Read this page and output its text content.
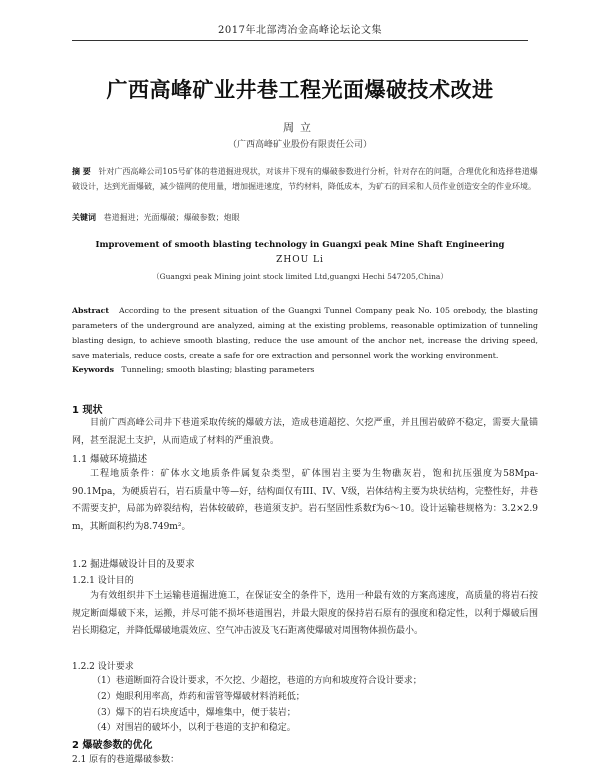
2017年北部湾冶金高峰论坛论文集
广西高峰矿业井巷工程光面爆破技术改进
周立
（广西高峰矿业股份有限责任公司）
摘 要 针对广西高峰公司105号矿体的巷道掘进现状，对该井下现有的爆破参数进行分析，针对存在的问题，合理优化和选择巷道爆破设计，达到光面爆破，减少锚网的使用量，增加掘进速度，节约材料，降低成本，为矿石的回采和人员作业创造安全的作业环境。
关键词 巷道掘进；光面爆破；爆破参数；炮眼
Improvement of smooth blasting technology in Guangxi peak Mine Shaft Engineering
ZHOU Li
（Guangxi peak Mining joint stock limited Ltd,guangxi Hechi 547205,China）
Abstract According to the present situation of the Guangxi Tunnel Company peak No. 105 orebody, the blasting parameters of the underground are analyzed, aiming at the existing problems, reasonable optimization of tunneling blasting design, to achieve smooth blasting, reduce the use amount of the anchor net, increase the driving speed, save materials, reduce costs, create a safe for ore extraction and personnel work the working environment.
Keywords Tunneling; smooth blasting; blasting parameters
1 现状
目前广西高峰公司井下巷道采取传统的爆破方法，造成巷道超挖、欠挖严重，并且围岩破碎不稳定，需要大量锚网，甚至混泥土支护，从而造成了材料的严重浪费。
1.1 爆破环境描述
工程地质条件：矿体水文地质条件属复杂类型，矿体围岩主要为生物礁灰岩，饱和抗压强度为58Mpa-90.1Mpa，为硬质岩石，岩石质量中等—好，结构面仅有III、IV、V级，岩体结构主要为块状结构，完整性好，井巷不需要支护，局部为碎裂结构，岩体较破碎，巷道须支护。岩石坚固性系数f为6～10。设计运输巷规格为：3.2×2.9 m，其断面积约为8.749m²。
1.2 掘进爆破设计目的及要求
1.2.1 设计目的
为有效组织井下土运输巷道掘进施工，在保证安全的条件下，选用一种最有效的方案高速度，高质量的将岩石按规定断面爆破下来，运搬，并尽可能不损坏巷道围岩，并最大限度的保持岩石原有的强度和稳定性，以利于爆破后围岩长期稳定，并降低爆破地震效应、空气冲击波及飞石距离使爆破对周围物体损伤最小。
1.2.2 设计要求
（1）巷道断面符合设计要求，不欠挖、少超挖，巷道的方向和坡度符合设计要求；
（2）炮眼利用率高，炸药和雷管等爆破材料消耗低；
（3）爆下的岩石块度适中，爆堆集中，便于装岩；
（4）对围岩的破坏小，以利于巷道的支护和稳定。
2 爆破参数的优化
2.1 原有的巷道爆破参数：
